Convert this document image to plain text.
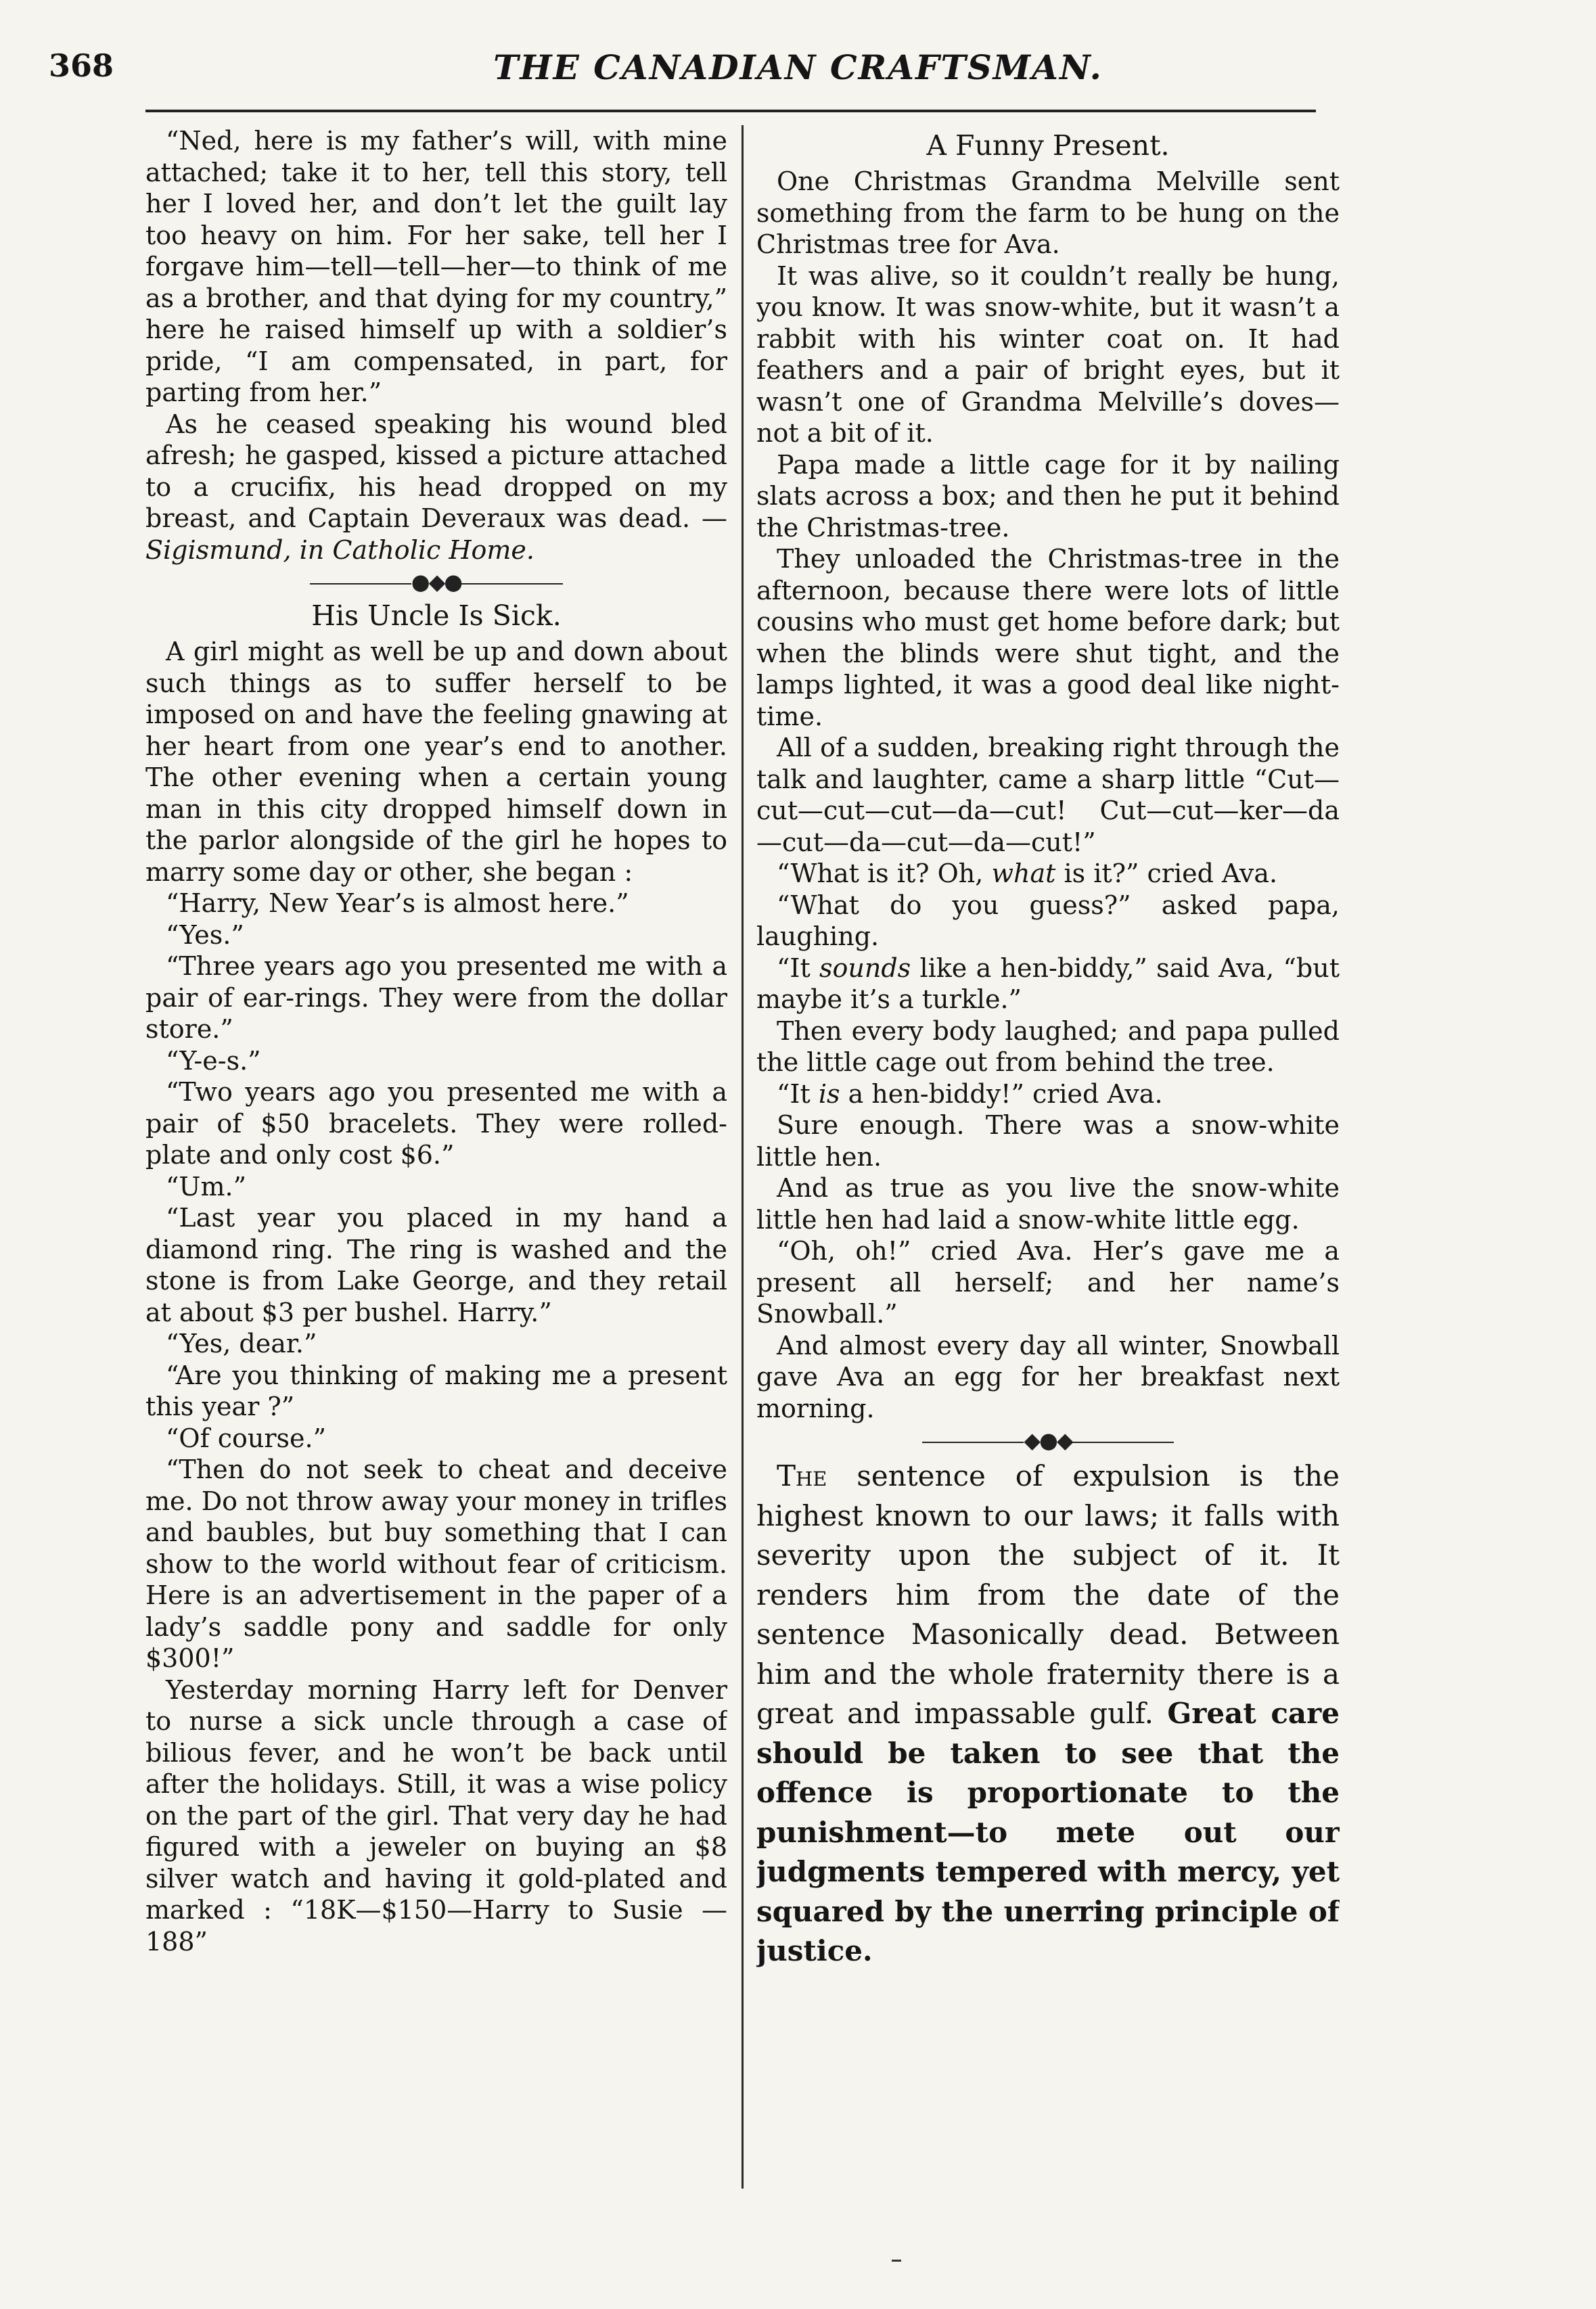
368	THE CANADIAN CRAFTSMAN.

“Ned, here is my father’s will, with mine attached; take it to her, tell this story, tell her I loved her, and don’t let the guilt lay too heavy on him. For her sake, tell her I forgave him—tell—tell—her—to think of me as a brother, and that dying for my country,” here he raised himself up with a soldier’s pride, “I am compensated, in part, for parting from her.”

As he ceased speaking his wound bled afresh; he gasped, kissed a picture attached to a crucifix, his head dropped on my breast, and Captain Deveraux was dead. — Sigismund, in Catholic Home.

●◆●
His Uncle Is Sick.

A girl might as well be up and down about such things as to suffer herself to be imposed on and have the feeling gnawing at her heart from one year’s end to another. The other evening when a certain young man in this city dropped himself down in the parlor alongside of the girl he hopes to marry some day or other, she began :

“Harry, New Year’s is almost here.”

“Yes.”

“Three years ago you presented me with a pair of ear-rings. They were from the dollar store.”

“Y-e-s.”

“Two years ago you presented me with a pair of $50 bracelets. They were rolled-plate and only cost $6.”

“Um.”

“Last year you placed in my hand a diamond ring. The ring is washed and the stone is from Lake George, and they retail at about $3 per bushel. Harry.”

“Yes, dear.”

“Are you thinking of making me a present this year ?”

“Of course.”

“Then do not seek to cheat and deceive me. Do not throw away your money in trifles and baubles, but buy something that I can show to the world without fear of criticism. Here is an advertisement in the paper of a lady’s saddle pony and saddle for only $300!”

Yesterday morning Harry left for Denver to nurse a sick uncle through a case of bilious fever, and he won’t be back until after the holidays. Still, it was a wise policy on the part of the girl. That very day he had figured with a jeweler on buying an $8 silver watch and having it gold-plated and marked : “18K—$150—Harry to Susie —188”

A Funny Present.

One Christmas Grandma Melville sent something from the farm to be hung on the Christmas tree for Ava.

It was alive, so it couldn’t really be hung, you know. It was snow-white, but it wasn’t a rabbit with his winter coat on. It had feathers and a pair of bright eyes, but it wasn’t one of Grandma Melville’s doves—not a bit of it.

Papa made a little cage for it by nailing slats across a box; and then he put it behind the Christmas-tree.

They unloaded the Christmas-tree in the afternoon, because there were lots of little cousins who must get home before dark; but when the blinds were shut tight, and the lamps lighted, it was a good deal like night-time.

All of a sudden, breaking right through the talk and laughter, came a sharp little “Cut—cut—cut—cut—da—cut! Cut—cut—ker—da—cut—da—cut—da—cut!”

“What is it? Oh, what is it?” cried Ava.

“What do you guess?” asked papa, laughing.

“It sounds like a hen-biddy,” said Ava, “but maybe it’s a turkle.”

Then every body laughed; and papa pulled the little cage out from behind the tree.

“It is a hen-biddy!” cried Ava.

Sure enough. There was a snow-white little hen.

And as true as you live the snow-white little hen had laid a snow-white little egg.

“Oh, oh!” cried Ava. Her’s gave me a present all herself; and her name’s Snowball.”

And almost every day all winter, Snowball gave Ava an egg for her breakfast next morning.

◆●◆

The sentence of expulsion is the highest known to our laws; it falls with severity upon the subject of it. It renders him from the date of the sentence Masonically dead. Between him and the whole fraternity there is a great and impassable gulf. Great care should be taken to see that the offence is proportionate to the punishment—to mete out our judgments tempered with mercy, yet squared by the unerring principle of justice.
